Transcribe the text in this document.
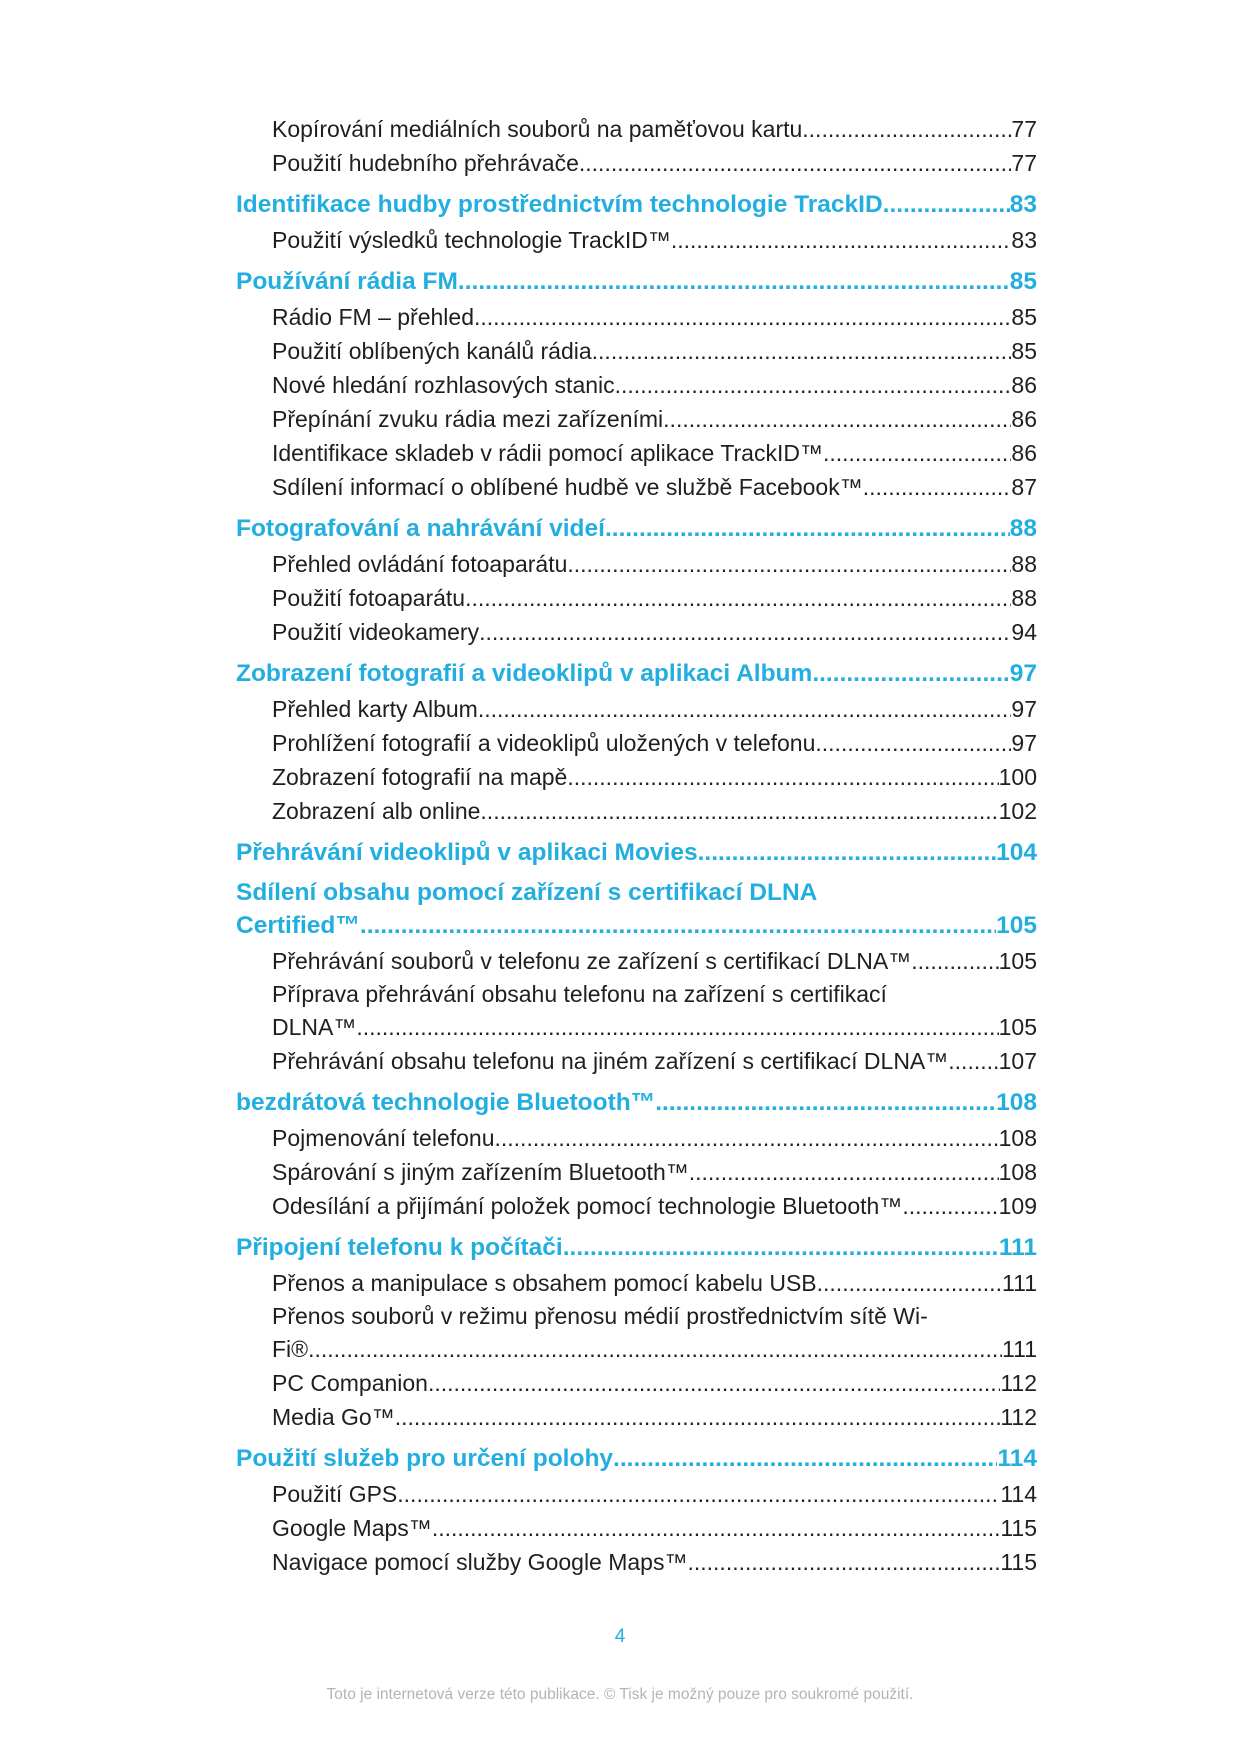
Kopírování mediálních souborů na paměťovou kartu .....	77
Použití hudebního přehrávače .....	77
Identifikace hudby prostřednictvím technologie TrackID .....	83
Použití výsledků technologie TrackID™ .....	83
Používání rádia FM .....	85
Rádio FM – přehled .....	85
Použití oblíbených kanálů rádia .....	85
Nové hledání rozhlasových stanic .....	86
Přepínání zvuku rádia mezi zařízeními .....	86
Identifikace skladeb v rádii pomocí aplikace TrackID™ .....	86
Sdílení informací o oblíbené hudbě ve službě Facebook™ .....	87
Fotografování a nahrávání videí .....	88
Přehled ovládání fotoaparátu .....	88
Použití fotoaparátu .....	88
Použití videokamery .....	94
Zobrazení fotografií a videoklipů v aplikaci Album .....	97
Přehled karty Album .....	97
Prohlížení fotografií a videoklipů uložených v telefonu .....	97
Zobrazení fotografií na mapě .....	100
Zobrazení alb online .....	102
Přehrávání videoklipů v aplikaci Movies .....	104
Sdílení obsahu pomocí zařízení s certifikací DLNA
Certified™ .....	105
Přehrávání souborů v telefonu ze zařízení s certifikací DLNA™ .....	105
Příprava přehrávání obsahu telefonu na zařízení s certifikací
DLNA™ .....	105
Přehrávání obsahu telefonu na jiném zařízení s certifikací DLNA™ ..... 107
bezdrátová technologie Bluetooth™ .....	108
Pojmenování telefonu .....	108
Spárování s jiným zařízením Bluetooth™ .....	108
Odesílání a přijímání položek pomocí technologie Bluetooth™ .....	109
Připojení telefonu k počítači .....	111
Přenos a manipulace s obsahem pomocí kabelu USB .....	111
Přenos souborů v režimu přenosu médií prostřednictvím sítě Wi-
Fi® .....	111
PC Companion .....	112
Media Go™ .....	112
Použití služeb pro určení polohy .....	114
Použití GPS .....	114
Google Maps™ .....	115
Navigace pomocí služby Google Maps™ .....	115
4
Toto je internetová verze této publikace. © Tisk je možný pouze pro soukromé použití.
